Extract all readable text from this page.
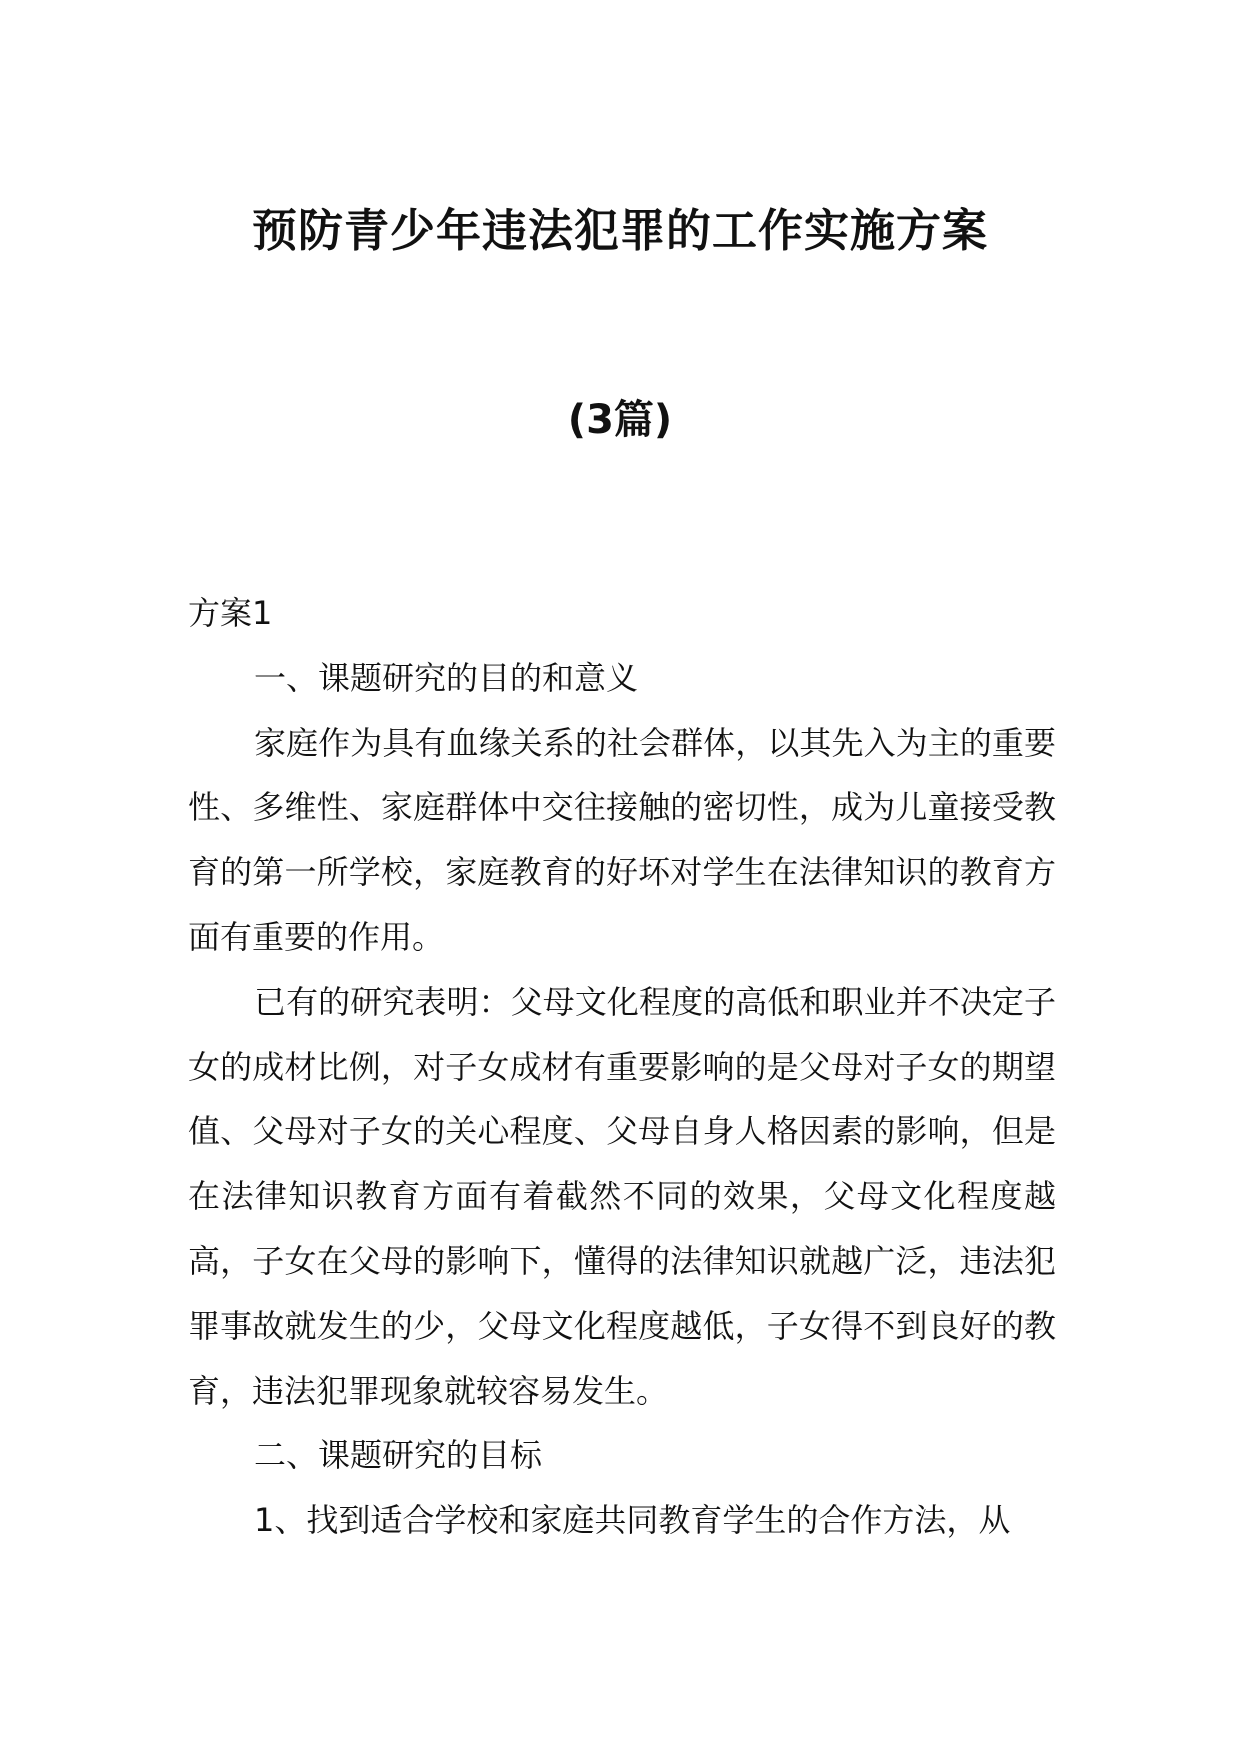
预防青少年违法犯罪的工作实施方案
(3篇)

方案1

一、课题研究的目的和意义

家庭作为具有血缘关系的社会群体，以其先入为主的重要性、多维性、家庭群体中交往接触的密切性，成为儿童接受教育的第一所学校，家庭教育的好坏对学生在法律知识的教育方面有重要的作用。

已有的研究表明：父母文化程度的高低和职业并不决定子女的成材比例，对子女成材有重要影响的是父母对子女的期望值、父母对子女的关心程度、父母自身人格因素的影响，但是在法律知识教育方面有着截然不同的效果，父母文化程度越高，子女在父母的影响下，懂得的法律知识就越广泛，违法犯罪事故就发生的少，父母文化程度越低，子女得不到良好的教育，违法犯罪现象就较容易发生。

二、课题研究的目标

1、找到适合学校和家庭共同教育学生的合作方法，从
